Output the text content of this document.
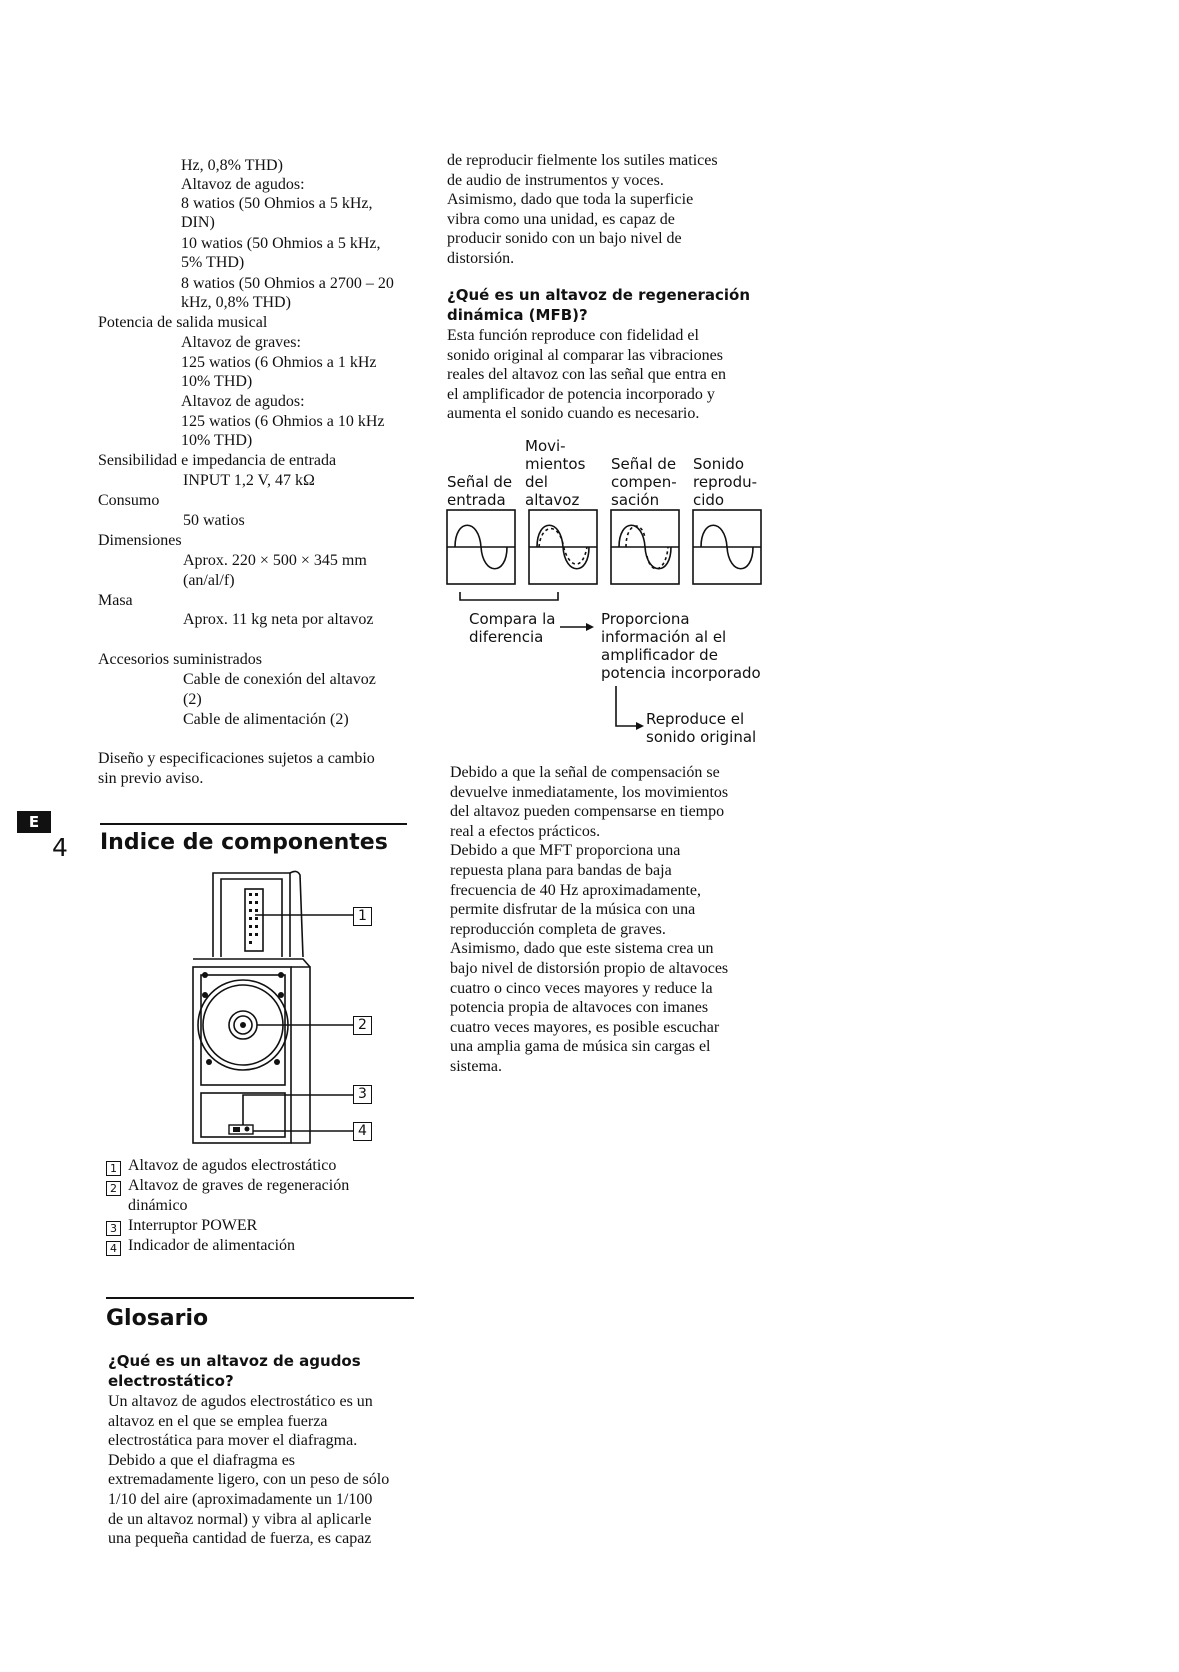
Hz, 0,8% THD)
Altavoz de agudos:
8 watios (50 Ohmios a 5 kHz,
DIN)
10 watios (50 Ohmios a 5 kHz,
5% THD)
8 watios (50 Ohmios a 2700 – 20
kHz, 0,8% THD)
Potencia de salida musical
Altavoz de graves:
125 watios (6 Ohmios a 1 kHz
10% THD)
Altavoz de agudos:
125 watios (6 Ohmios a 10 kHz
10% THD)
Sensibilidad e impedancia de entrada
INPUT 1,2 V, 47 kΩ
Consumo
50 watios
Dimensiones
Aprox. 220 × 500 × 345 mm
(an/al/f)
Masa
Aprox. 11 kg neta por altavoz
Accesorios suministrados
Cable de conexión del altavoz
(2)
Cable de alimentación (2)
Diseño y especificaciones sujetos a cambio
sin previo aviso.
E
4 Indice de componentes
1
2
3
4
1 Altavoz de agudos electrostático
2 Altavoz de graves de regeneración
dinámico
3 Interruptor POWER
4 Indicador de alimentación
Glosario
¿Qué es un altavoz de agudos
electrostático?
Un altavoz de agudos electrostático es un
altavoz en el que se emplea fuerza
electrostática para mover el diafragma.
Debido a que el diafragma es
extremadamente ligero, con un peso de sólo
1/10 del aire (aproximadamente un 1/100
de un altavoz normal) y vibra al aplicarle
una pequeña cantidad de fuerza, es capaz
de reproducir fielmente los sutiles matices
de audio de instrumentos y voces.
Asimismo, dado que toda la superficie
vibra como una unidad, es capaz de
producir sonido con un bajo nivel de
distorsión.
¿Qué es un altavoz de regeneración
dinámica (MFB)?
Esta función reproduce con fidelidad el
sonido original al comparar las vibraciones
reales del altavoz con las señal que entra en
el amplificador de potencia incorporado y
aumenta el sonido cuando es necesario.
Movi-
mientos
Señal de del
entrada altavoz
Señal de
compen-
sación
Sonido
reprodu-
cido
Compara la
diferencia
Proporciona
información al el
amplificador de
potencia incorporado
Reproduce el
sonido original
Debido a que la señal de compensación se
devuelve inmediatamente, los movimientos
del altavoz pueden compensarse en tiempo
real a efectos prácticos.
Debido a que MFT proporciona una
repuesta plana para bandas de baja
frecuencia de 40 Hz aproximadamente,
permite disfrutar de la música con una
reproducción completa de graves.
Asimismo, dado que este sistema crea un
bajo nivel de distorsión propio de altavoces
cuatro o cinco veces mayores y reduce la
potencia propia de altavoces con imanes
cuatro veces mayores, es posible escuchar
una amplia gama de música sin cargas el
sistema.
